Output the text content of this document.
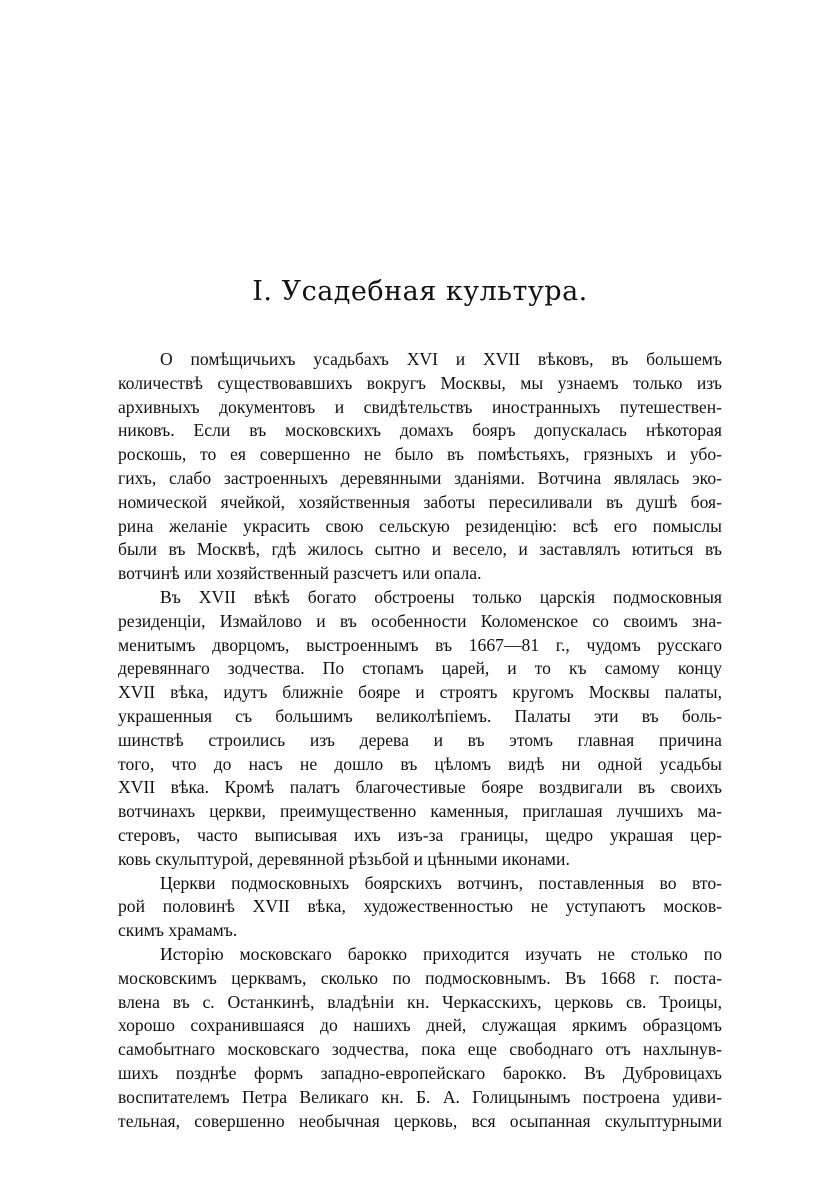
I. Усадебная культура.
О помѣщичьихъ усадьбахъ XVI и XVII вѣковъ, въ большемъ
количествѣ существовавшихъ вокругъ Москвы, мы узнаемъ только изъ
архивныхъ документовъ и свидѣтельствъ иностранныхъ путешествен-
никовъ. Если въ московскихъ домахъ бояръ допускалась нѣкоторая
роскошь, то ея совершенно не было въ помѣстьяхъ, грязныхъ и убо-
гихъ, слабо застроенныхъ деревянными зданiями. Вотчина являлась эко-
номической ячейкой, хозяйственныя заботы пересиливали въ душѣ боя-
рина желанiе украсить свою сельскую резиденцiю: всѣ его помыслы
были въ Москвѣ, гдѣ жилось сытно и весело, и заставлялъ ютиться въ
вотчинѣ или хозяйственный разсчетъ или опала.
Въ XVII вѣкѣ богато обстроены только царскiя подмосковныя
резиденцiи, Измайлово и въ особенности Коломенское со своимъ зна-
менитымъ дворцомъ, выстроеннымъ въ 1667—81 г., чудомъ русскаго
деревяннаго зодчества. По стопамъ царей, и то къ самому концу
XVII вѣка, идутъ ближнiе бояре и строятъ кругомъ Москвы палаты,
украшенныя съ большимъ великолѣпiемъ. Палаты эти въ боль-
шинствѣ строились изъ дерева и въ этомъ главная причина
того, что до насъ не дошло въ цѣломъ видѣ ни одной усадьбы
XVII вѣка. Кромѣ палатъ благочестивые бояре воздвигали въ своихъ
вотчинахъ церкви, преимущественно каменныя, приглашая лучшихъ ма-
стеровъ, часто выписывая ихъ изъ-за границы, щедро украшая цер-
ковь скульптурой, деревянной рѣзьбой и цѣнными иконами.
Церкви подмосковныхъ боярскихъ вотчинъ, поставленныя во вто-
рой половинѣ XVII вѣка, художественностью не уступаютъ москов-
скимъ храмамъ.
Исторiю московскаго барокко приходится изучать не столько по
московскимъ церквамъ, сколько по подмосковнымъ. Въ 1668 г. поста-
влена въ с. Останкинѣ, владѣнiи кн. Черкасскихъ, церковь св. Троицы,
хорошо сохранившаяся до нашихъ дней, служащая яркимъ образцомъ
самобытнаго московскаго зодчества, пока еще свободнаго отъ нахлынув-
шихъ позднѣе формъ западно-европейскаго барокко. Въ Дубровицахъ
воспитателемъ Петра Великаго кн. Б. А. Голицынымъ построена удиви-
тельная, совершенно необычная церковь, вся осыпанная скульптурными
